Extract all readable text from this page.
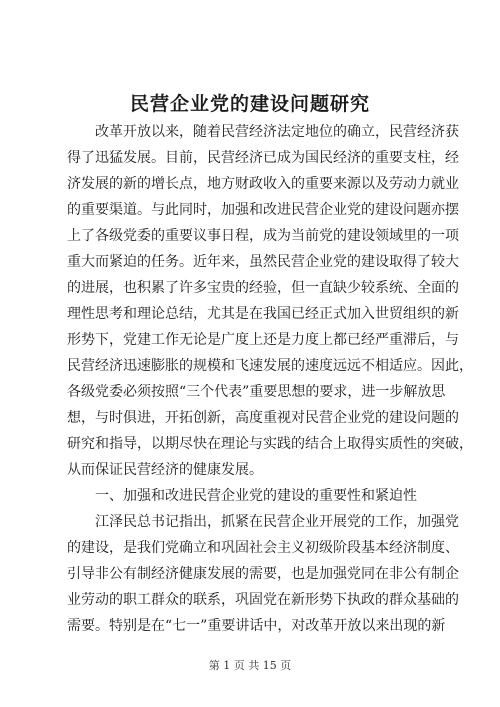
民营企业党的建设问题研究
改革开放以来，随着民营经济法定地位的确立，民营经济获
得了迅猛发展。目前，民营经济已成为国民经济的重要支柱，经
济发展的新的增长点，地方财政收入的重要来源以及劳动力就业
的重要渠道。与此同时，加强和改进民营企业党的建设问题亦摆
上了各级党委的重要议事日程，成为当前党的建设领域里的一项
重大而紧迫的任务。近年来，虽然民营企业党的建设取得了较大
的进展，也积累了许多宝贵的经验，但一直缺少较系统、全面的
理性思考和理论总结，尤其是在我国已经正式加入世贸组织的新
形势下，党建工作无论是广度上还是力度上都已经严重滞后，与
民营经济迅速膨胀的规模和飞速发展的速度远远不相适应。因此，
各级党委必须按照“三个代表”重要思想的要求，进一步解放思
想，与时俱进，开拓创新，高度重视对民营企业党的建设问题的
研究和指导，以期尽快在理论与实践的结合上取得实质性的突破，
从而保证民营经济的健康发展。
一、加强和改进民营企业党的建设的重要性和紧迫性
江泽民总书记指出，抓紧在民营企业开展党的工作，加强党
的建设，是我们党确立和巩固社会主义初级阶段基本经济制度、
引导非公有制经济健康发展的需要，也是加强党同在非公有制企
业劳动的职工群众的联系，巩固党在新形势下执政的群众基础的
需要。特别是在“七一”重要讲话中，对改革开放以来出现的新
第 1 页 共 15 页
